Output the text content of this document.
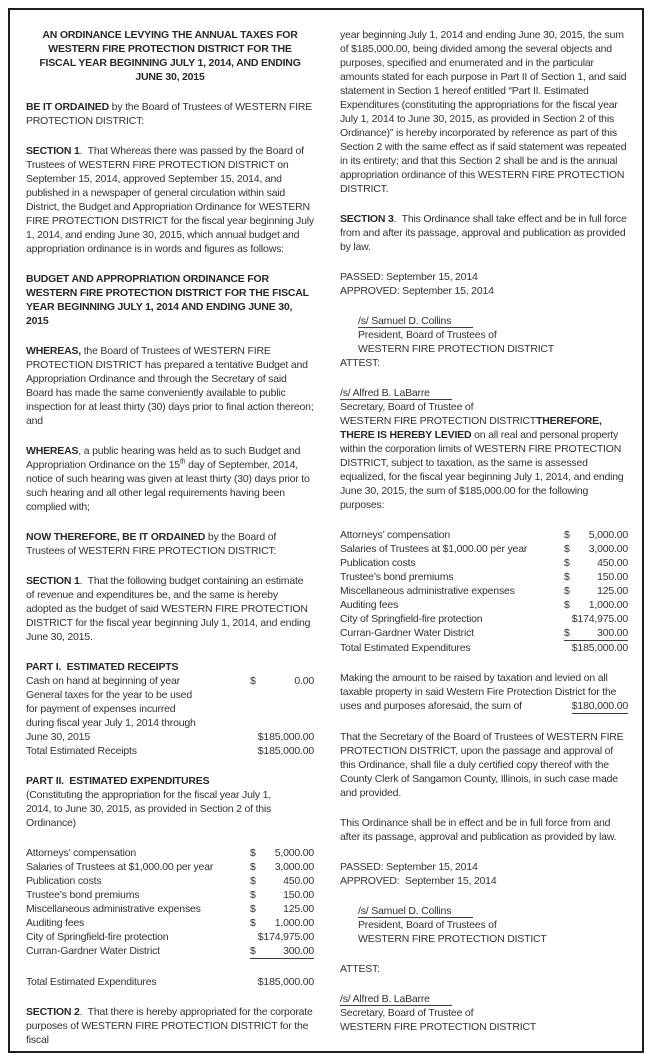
AN ORDINANCE LEVYING THE ANNUAL TAXES FOR WESTERN FIRE PROTECTION DISTRICT FOR THE FISCAL YEAR BEGINNING JULY 1, 2014, AND ENDING JUNE 30, 2015
BE IT ORDAINED by the Board of Trustees of WESTERN FIRE PROTECTION DISTRICT:
SECTION 1.  That Whereas there was passed by the Board of Trustees of WESTERN FIRE PROTECTION DISTRICT on September 15, 2014, approved September 15, 2014, and published in a newspaper of general circulation within said District, the Budget and Appropriation Ordinance for WESTERN FIRE PROTECTION DISTRICT for the fiscal year beginning July 1, 2014, and ending June 30, 2015, which annual budget and appropriation ordinance is in words and figures as follows:
BUDGET AND APPROPRIATION ORDINANCE FOR WESTERN FIRE PROTECTION DISTRICT FOR THE FISCAL YEAR BEGINNING JULY 1, 2014 AND ENDING JUNE 30, 2015
WHEREAS, the Board of Trustees of WESTERN FIRE PROTECTION DISTRICT has prepared a tentative Budget and Appropriation Ordinance and through the Secretary of said Board has made the same conveniently available to public inspection for at least thirty (30) days prior to final action thereon; and
WHEREAS, a public hearing was held as to such Budget and Appropriation Ordinance on the 15th day of September, 2014, notice of such hearing was given at least thirty (30) days prior to such hearing and all other legal requirements having been complied with;
NOW THEREFORE, BE IT ORDAINED by the Board of Trustees of WESTERN FIRE PROTECTION DISTRICT:
SECTION 1.  That the following budget containing an estimate of revenue and expenditures be, and the same is hereby adopted as the budget of said WESTERN FIRE PROTECTION DISTRICT for the fiscal year beginning July 1, 2014, and ending June 30, 2015.
PART I.  ESTIMATED RECEIPTS
Cash on hand at beginning of year	$	0.00
General taxes for the year to be used
for payment of expenses incurred
during fiscal year July 1, 2014 through
June 30, 2015	$185,000.00
Total Estimated Receipts	$185,000.00
PART II.  ESTIMATED EXPENDITURES
(Constituting the appropriation for the fiscal year July 1, 2014, to June 30, 2015, as provided in Section 2 of this Ordinance)
Attorneys’ compensation	$ 5,000.00
Salaries of Trustees at $1,000.00 per year	$ 3,000.00
Publication costs	$	450.00
Trustee’s bond premiums	$	150.00
Miscellaneous administrative expenses	$	125.00
Auditing fees	$ 1,000.00
City of Springfield-fire protection	$174,975.00
Curran-Gardner Water District	$	300.00
Total Estimated Expenditures	$185,000.00
SECTION 2.  That there is hereby appropriated for the corporate purposes of WESTERN FIRE PROTECTION DISTRICT for the fiscal
year beginning July 1, 2014 and ending June 30, 2015, the sum of $185,000.00, being divided among the several objects and purposes, specified and enumerated and in the particular amounts stated for each purpose in Part II of Section 1, and said statement in Section 1 hereof entitled “Part II. Estimated Expenditures (constituting the appropriations for the fiscal year July 1, 2014 to June 30, 2015, as provided in Section 2 of this Ordinance)” is hereby incorporated by reference as part of this Section 2 with the same effect as if said statement was repeated in its entirety; and that this Section 2 shall be and is the annual appropriation ordinance of this WESTERN FIRE PROTECTION DISTRICT.
SECTION 3.  This Ordinance shall take effect and be in full force from and after its passage, approval and publication as provided by law.
PASSED: September 15, 2014
APPROVED: September 15, 2014
/s/ Samuel D. Collins
President, Board of Trustees of
WESTERN FIRE PROTECTION DISTRICT
ATTEST:
/s/ Alfred B. LaBarre
Secretary, Board of Trustee of
WESTERN FIRE PROTECTION DISTRICTTHEREFORE, THERE IS HEREBY LEVIED on all real and personal property within the corporation limits of WESTERN FIRE PROTECTION DISTRICT, subject to taxation, as the same is assessed equalized, for the fiscal year beginning July 1, 2014, and ending June 30, 2015, the sum of $185,000.00 for the following purposes:
Attorneys’ compensation	$ 5,000.00
Salaries of Trustees at $1,000.00 per year	$ 3,000.00
Publication costs	$	450.00
Trustee’s bond premiums	$	150.00
Miscellaneous administrative expenses	$	125.00
Auditing fees	$ 1,000.00
City of Springfield-fire protection	$174,975.00
Curran-Gardner Water District	$	300.00
Total Estimated Expenditures	$185,000.00
Making the amount to be raised by taxation and levied on all taxable property in said Western Fire Protection District for the uses and purposes aforesaid, the sum of	$180,000.00
That the Secretary of the Board of Trustees of WESTERN FIRE PROTECTION DISTRICT, upon the passage and approval of this Ordinance, shall file a duly certified copy thereof with the County Clerk of Sangamon County, Illinois, in such case made and provided.
This Ordinance shall be in effect and be in full force from and after its passage, approval and publication as provided by law.
PASSED: September 15, 2014
APPROVED:  September 15, 2014
/s/ Samuel D. Collins
President, Board of Trustees of
WESTERN FIRE PROTECTION DISTICT
ATTEST:
/s/ Alfred B. LaBarre
Secretary, Board of Trustee of
WESTERN FIRE PROTECTION DISTRICT
